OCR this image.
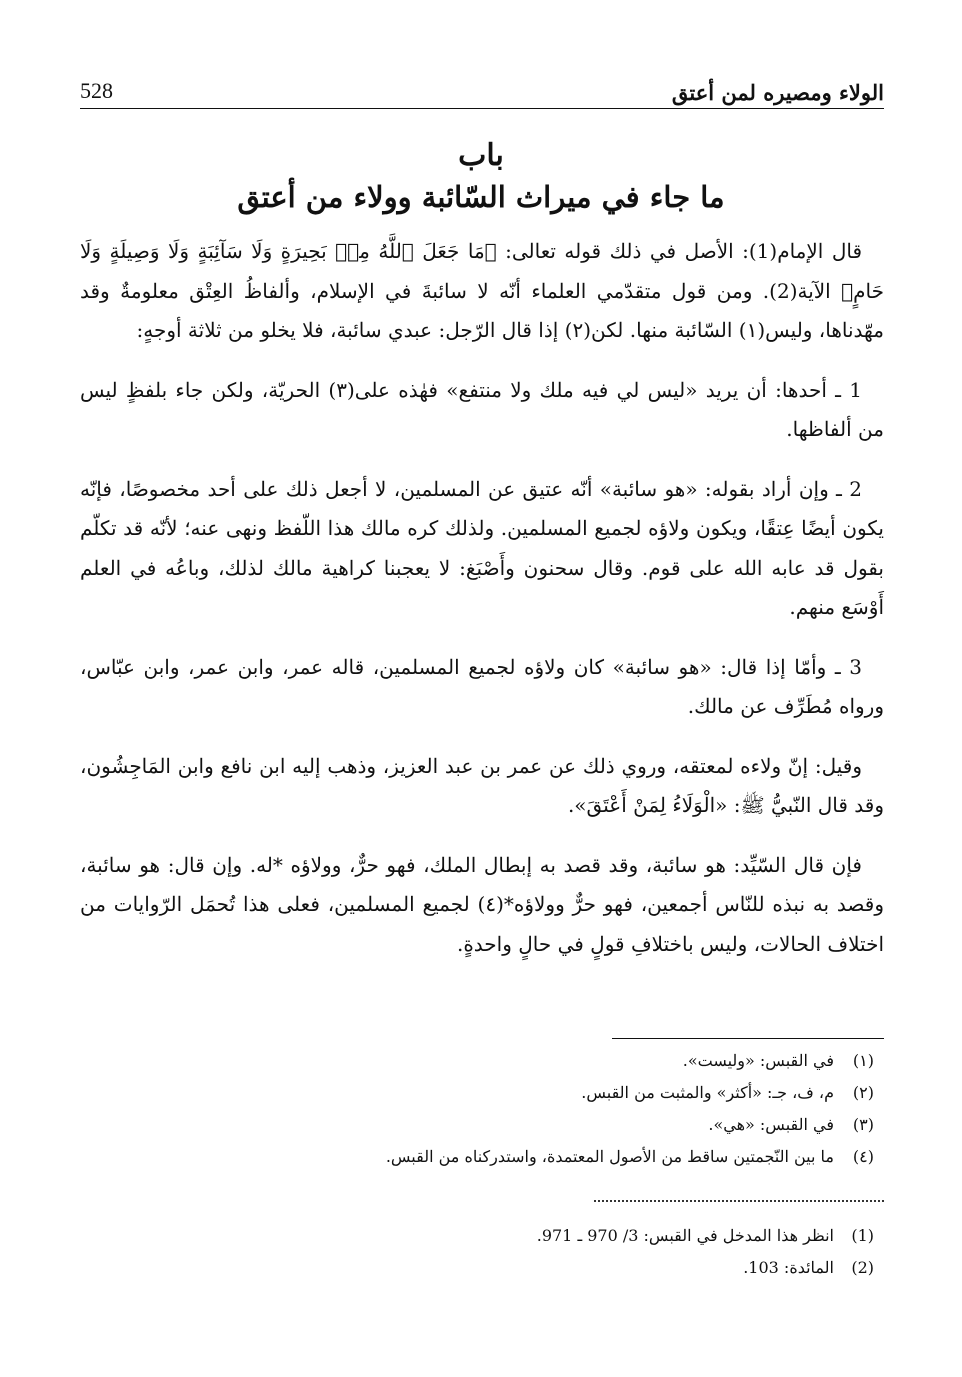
الولاء ومصيره لمن أعتق
528
باب
ما جاء في ميراث السّائبة وولاء من أعتق

قال الإمام(1): الأصل في ذلك قوله تعالى: ﴿مَا جَعَلَ ٱللَّهُ مِنۢ بَحِيرَةٍ وَلَا سَآئِبَةٍ وَلَا وَصِيلَةٍ وَلَا حَامٍ﴾ الآية(2). ومن قول متقدّمي العلماء أنّه لا سائبةَ في الإسلام، وألفاظُ العِتْق معلومةٌ وقد مهّدناها، وليس(١) السّائبة منها. لكن(٢) إذا قال الرّجل: عبدي سائبة، فلا يخلو من ثلاثة أوجهٍ:

1 ـ أحدها: أن يريد «ليس لي فيه ملك ولا منتفع» فهٰذه على(٣) الحريّة، ولكن جاء بلفظٍ ليس من ألفاظها.

2 ـ وإن أراد بقوله: «هو سائبة» أنّه عتيق عن المسلمين، لا أجعل ذلك على أحد مخصوصًا، فإنّه يكون أيضًا عِتقًا، ويكون ولاؤه لجميع المسلمين. ولذلك كره مالك هذا اللّفظ ونهى عنه؛ لأنّه قد تكلّم بقول قد عابه الله على قوم. وقال سحنون وأَصْبَغ: لا يعجبنا كراهية مالك لذلك، وباعُه في العلم أَوْسَع منهم.

3 ـ وأمّا إذا قال: «هو سائبة» كان ولاؤه لجميع المسلمين، قاله عمر، وابن عمر، وابن عبّاس، ورواه مُطَرِّف عن مالك.

وقيل: إنّ ولاءه لمعتقه، وروي ذلك عن عمر بن عبد العزيز، وذهب إليه ابن نافع وابن المَاجِشُون، وقد قال النّبيُّ ﷺ: «الْوَلَاءُ لِمَنْ أَعْتَقَ».

فإن قال السّيِّد: هو سائبة، وقد قصد به إبطال الملك، فهو حرٌّ، وولاؤه *له. وإن قال: هو سائبة، وقصد به نبذه للنّاس أجمعين، فهو حرٌّ وولاؤه*(٤) لجميع المسلمين، فعلى هذا تُحمَل الرّوايات من اختلاف الحالات، وليس باختلافِ قولٍ في حالٍ واحدةٍ.

(١)
في القبس: «وليست».
(٢)
م، ف، جـ: «أكثر» والمثبت من القبس.
(٣)
في القبس: «هي».
(٤)
ما بين النّجمتين ساقط من الأصول المعتمدة، واستدركناه من القبس.
(1)
انظر هذا المدخل في القبس: 3/ 970 ـ 971.
(2)
المائدة: 103.
